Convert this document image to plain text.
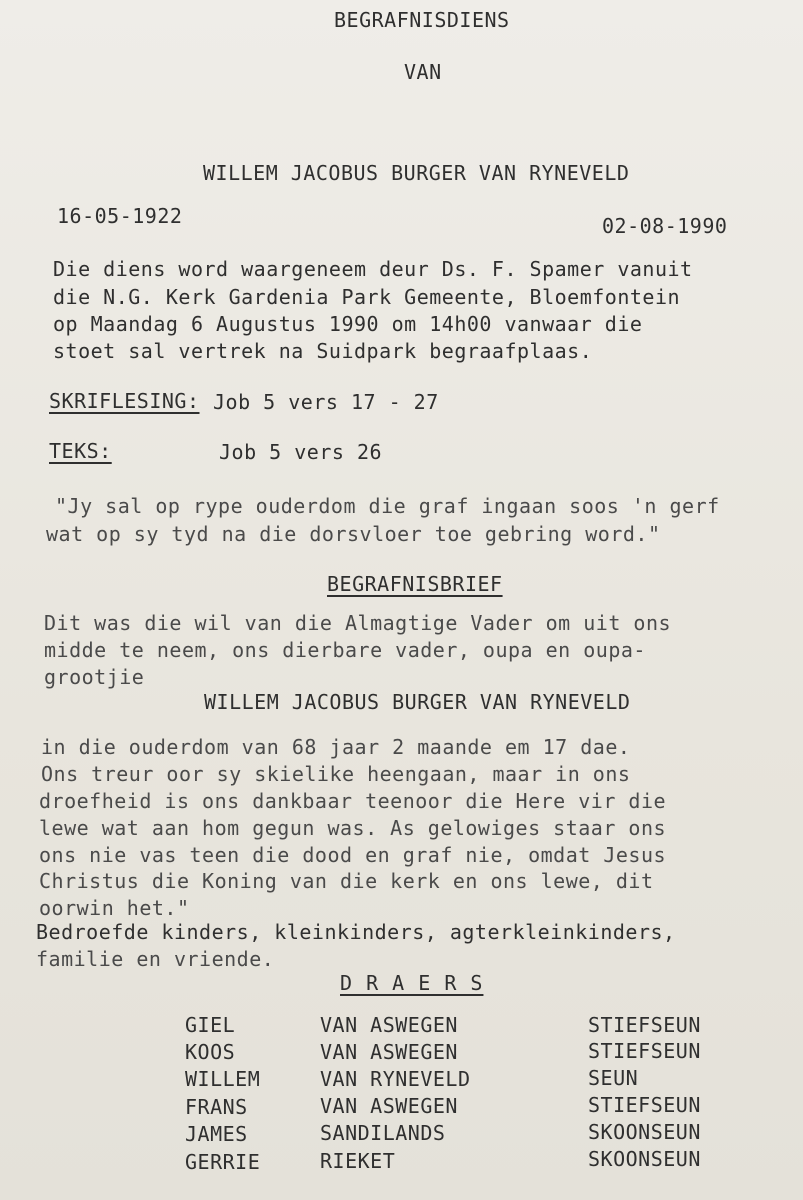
BEGRAFNISDIENS
VAN
WILLEM JACOBUS BURGER VAN RYNEVELD
16-05-1922	02-08-1990
Die diens word waargeneem deur Ds. F. Spamer vanuit
die N.G. Kerk Gardenia Park Gemeente, Bloemfontein
op Maandag 6 Augustus 1990 om 14h00 vanwaar die
stoet sal vertrek na Suidpark begraafplaas.
SKRIFLESING: Job 5 vers 17 - 27
TEKS:	Job 5 vers 26
"Jy sal op rype ouderdom die graf ingaan soos 'n gerf
wat op sy tyd na die dorsvloer toe gebring word."
BEGRAFNISBRIEF
Dit was die wil van die Almagtige Vader om uit ons
midde te neem, ons dierbare vader, oupa en oupa-
grootjie
WILLEM JACOBUS BURGER VAN RYNEVELD
in die ouderdom van 68 jaar 2 maande em 17 dae.
Ons treur oor sy skielike heengaan, maar in ons
droefheid is ons dankbaar teenoor die Here vir die
lewe wat aan hom gegun was. As gelowiges staar ons
ons nie vas teen die dood en graf nie, omdat Jesus
Christus die Koning van die kerk en ons lewe, dit
oorwin het."
Bedroefde kinders, kleinkinders, agterkleinkinders,
familie en vriende.
D R A E R S
GIEL	VAN ASWEGEN	STIEFSEUN
KOOS	VAN ASWEGEN	STIEFSEUN
WILLEM	VAN RYNEVELD	SEUN
FRANS	VAN ASWEGEN	STIEFSEUN
JAMES	SANDILANDS	SKOONSEUN
GERRIE	RIEKET	SKOONSEUN
